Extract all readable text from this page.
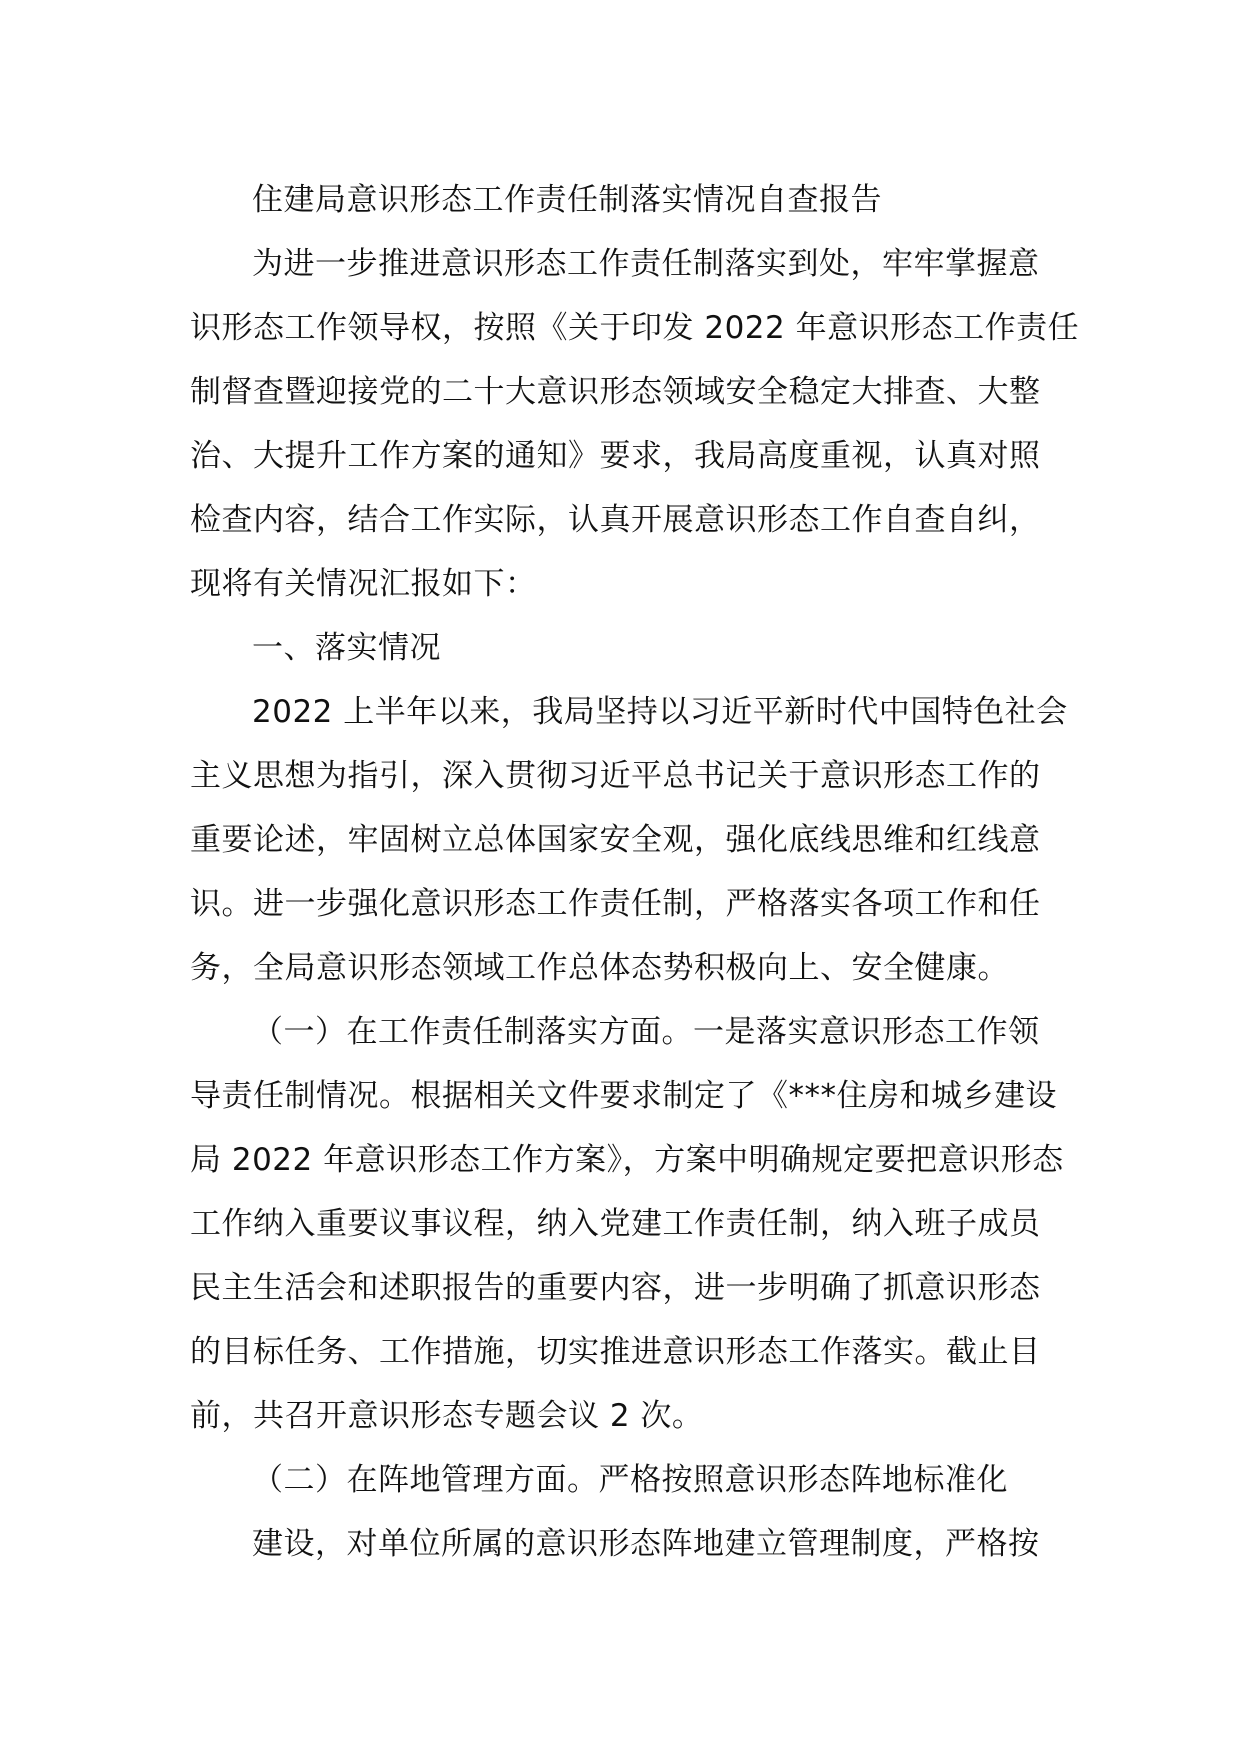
住建局意识形态工作责任制落实情况自查报告
为进一步推进意识形态工作责任制落实到处，牢牢掌握意
识形态工作领导权，按照《关于印发 2022 年意识形态工作责任
制督查暨迎接党的二十大意识形态领域安全稳定大排查、大整
治、大提升工作方案的通知》要求，我局高度重视，认真对照
检查内容，结合工作实际，认真开展意识形态工作自查自纠，
现将有关情况汇报如下：
一、落实情况
2022 上半年以来，我局坚持以习近平新时代中国特色社会
主义思想为指引，深入贯彻习近平总书记关于意识形态工作的
重要论述，牢固树立总体国家安全观，强化底线思维和红线意
识。进一步强化意识形态工作责任制，严格落实各项工作和任
务，全局意识形态领域工作总体态势积极向上、安全健康。
（一）在工作责任制落实方面。一是落实意识形态工作领
导责任制情况。根据相关文件要求制定了《***住房和城乡建设
局 2022 年意识形态工作方案》，方案中明确规定要把意识形态
工作纳入重要议事议程，纳入党建工作责任制，纳入班子成员
民主生活会和述职报告的重要内容，进一步明确了抓意识形态
的目标任务、工作措施，切实推进意识形态工作落实。截止目
前，共召开意识形态专题会议 2 次。
（二）在阵地管理方面。严格按照意识形态阵地标准化
建设，对单位所属的意识形态阵地建立管理制度，严格按
